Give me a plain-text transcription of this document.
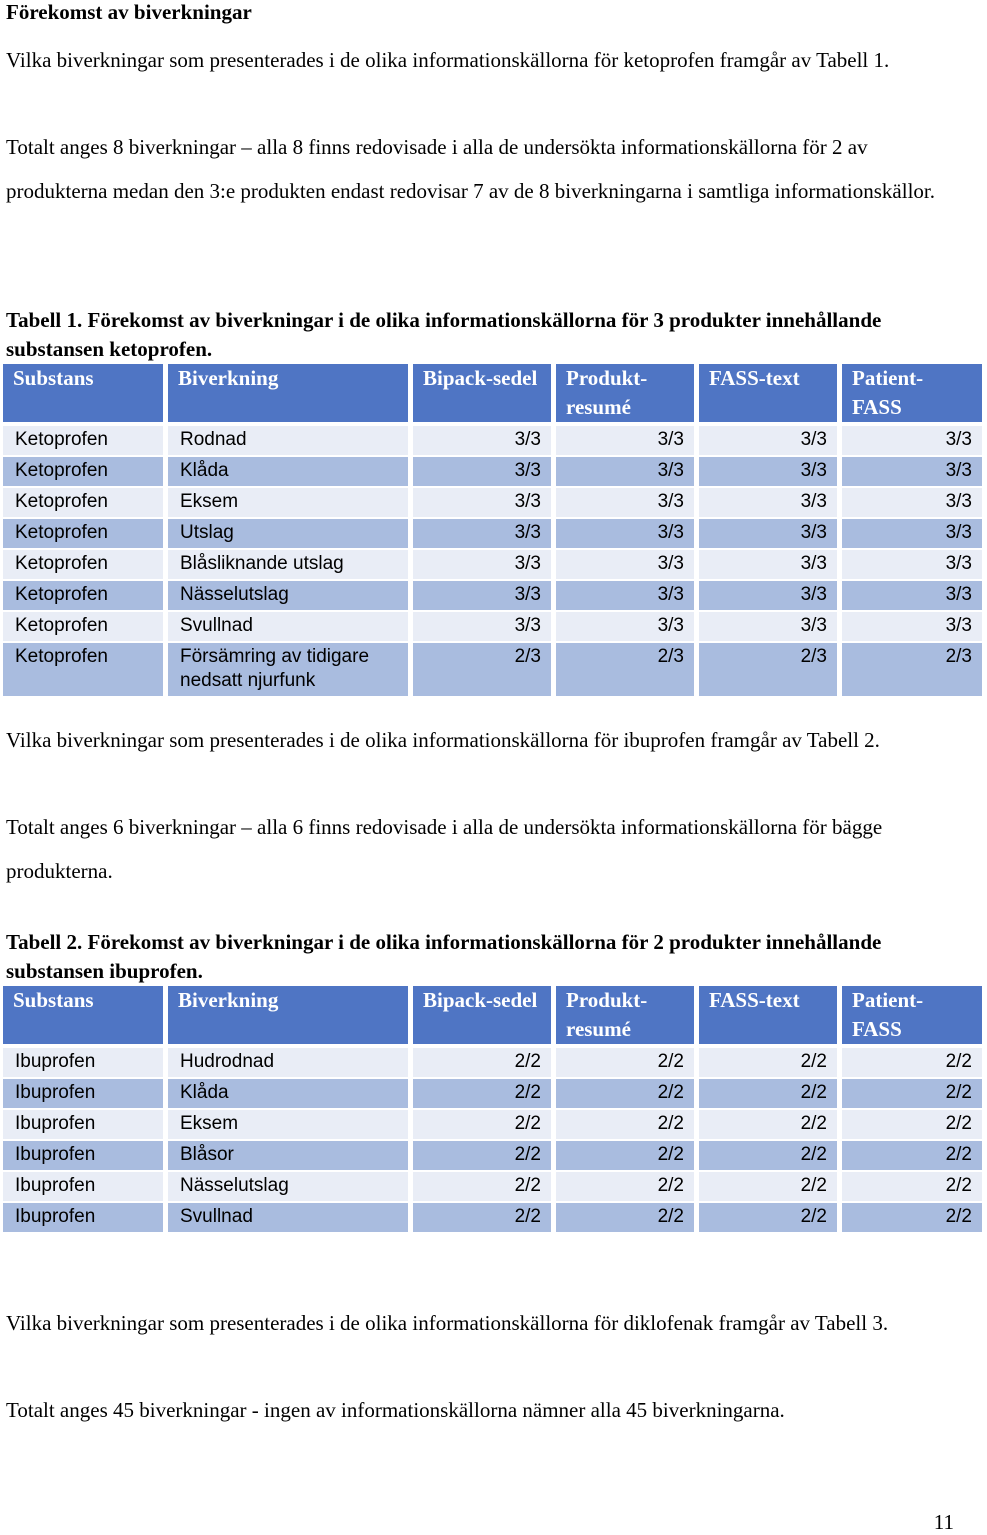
Förekomst av biverkningar
Vilka biverkningar som presenterades i de olika informationskällorna för ketoprofen framgår av Tabell 1.
Totalt anges 8 biverkningar – alla 8 finns redovisade i alla de undersökta informationskällorna för 2 av produkterna medan den 3:e produkten endast redovisar 7 av de 8 biverkningarna i samtliga informationskällor.
Tabell 1. Förekomst av biverkningar i de olika informationskällorna för 3 produkter innehållande substansen ketoprofen.
Substans	Biverkning	Bipack-sedel	Produkt-resumé	FASS-text	Patient-FASS
Ketoprofen	Rodnad	3/3	3/3	3/3	3/3
Ketoprofen	Klåda	3/3	3/3	3/3	3/3
Ketoprofen	Eksem	3/3	3/3	3/3	3/3
Ketoprofen	Utslag	3/3	3/3	3/3	3/3
Ketoprofen	Blåsliknande utslag	3/3	3/3	3/3	3/3
Ketoprofen	Nässelutslag	3/3	3/3	3/3	3/3
Ketoprofen	Svullnad	3/3	3/3	3/3	3/3
Ketoprofen	Försämring av tidigare nedsatt njurfunk	2/3	2/3	2/3	2/3
Vilka biverkningar som presenterades i de olika informationskällorna för ibuprofen framgår av Tabell 2.
Totalt anges 6 biverkningar – alla 6 finns redovisade i alla de undersökta informationskällorna för bägge produkterna.
Tabell 2. Förekomst av biverkningar i de olika informationskällorna för 2 produkter innehållande substansen ibuprofen.
Substans	Biverkning	Bipack-sedel	Produkt-resumé	FASS-text	Patient-FASS
Ibuprofen	Hudrodnad	2/2	2/2	2/2	2/2
Ibuprofen	Klåda	2/2	2/2	2/2	2/2
Ibuprofen	Eksem	2/2	2/2	2/2	2/2
Ibuprofen	Blåsor	2/2	2/2	2/2	2/2
Ibuprofen	Nässelutslag	2/2	2/2	2/2	2/2
Ibuprofen	Svullnad	2/2	2/2	2/2	2/2
Vilka biverkningar som presenterades i de olika informationskällorna för diklofenak framgår av Tabell 3.
Totalt anges 45 biverkningar - ingen av informationskällorna nämner alla 45 biverkningarna.
11
